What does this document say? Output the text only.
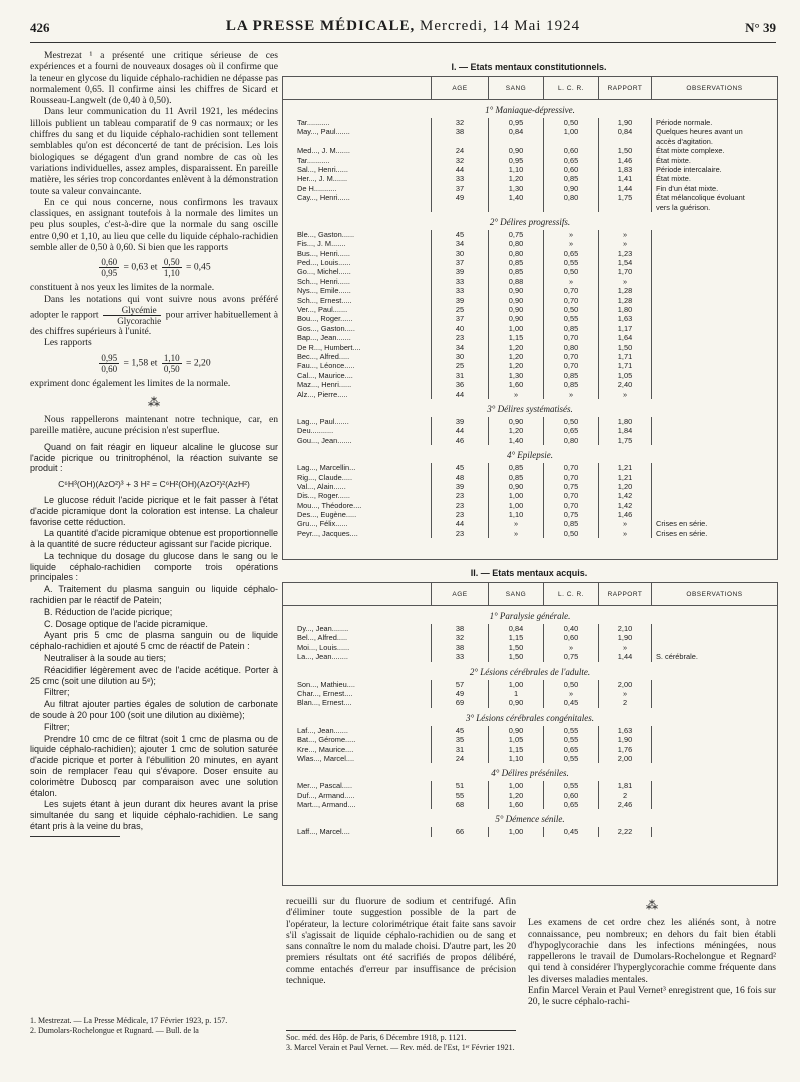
426	LA PRESSE MÉDICALE, Mercredi, 14 Mai 1924	N° 39

Mestrezat ¹ a présenté une critique sérieuse de ces expériences et a fourni de nouveaux dosages où il confirme que la teneur en glycose du liquide céphalo-rachidien ne dépasse pas normalement 0,65. Il confirme ainsi les chiffres de Sicard et Rousseau-Langwelt (de 0,40 à 0,50).

Dans leur communication du 11 Avril 1921, les médecins lillois publient un tableau comparatif de 9 cas normaux; or les chiffres du sang et du liquide céphalo-rachidien sont tellement semblables qu'on est déconcerté de tant de précision. Les lois biologiques se dégagent d'un grand nombre de cas où les variations individuelles, assez amples, disparaissent. En pareille matière, les séries trop concordantes enlèvent à la démonstration toute sa valeur convaincante.

En ce qui nous concerne, nous confirmons les travaux classiques, en assignant toutefois à la normale des limites un peu plus souples, c'est-à-dire que la normale du sang oscille entre 0,90 et 1,10, au lieu que celle du liquide céphalo-rachidien semble aller de 0,50 à 0,60. Si bien que les rapports

$\frac{0,60}{0,95} = 0,63$ et $\frac{0,50}{1,10} = 0,45$

constituent à nos yeux les limites de la normale.

Dans les notations qui vont suivre nous avons préféré adopter le rapport	Glycémie
Glycorachie
pour arriver habituellement à des chiffres supérieurs à l'unité.

Les rapports

$\frac{0,95}{0,60} = 1,58$ et $\frac{1,10}{0,50} = 2,20$

expriment donc également les limites de la normale.

⁂

Nous rappellerons maintenant notre technique, car, en pareille matière, aucune précision n'est superflue.

Quand on fait réagir en liqueur alcaline le glucose sur l'acide picrique ou trinitrophénol, la réaction suivante se produit :

C⁶H³(OH)(AzO²)³ + 3 H² = C⁶H²(OH)(AzO²)²(AzH²)

Le glucose réduit l'acide picrique et le fait passer à l'état d'acide picramique dont la coloration est intense. La chaleur favorise cette réduction.

La quantité d'acide picramique obtenue est proportionnelle à la quantité de sucre réducteur agissant sur l'acide picrique.

La technique du dosage du glucose dans le sang ou le liquide céphalo-rachidien comporte trois opérations principales :

A. Traitement du plasma sanguin ou liquide céphalo-rachidien par le réactif de Patein;

B. Réduction de l'acide picrique;

C. Dosage optique de l'acide picramique.

Ayant pris 5 cmc de plasma sanguin ou de liquide céphalo-rachidien et ajouté 5 cmc de réactif de Patein :

Neutraliser à la soude au tiers;

Réacidifier légèrement avec de l'acide acétique. Porter à 25 cmc (soit une dilution au 5ᵉ);

Filtrer;

Au filtrat ajouter parties égales de solution de carbonate de soude à 20 pour 100 (soit une dilution au dixième);

Filtrer;

Prendre 10 cmc de ce filtrat (soit 1 cmc de plasma ou de liquide céphalo-rachidien); ajouter 1 cmc de solution saturée d'acide picrique et porter à l'ébullition 20 minutes, en ayant soin de remplacer l'eau qui s'évapore. Doser ensuite au colorimètre Duboscq par comparaison avec une solution étalon.

Les sujets étant à jeun durant dix heures avant la prise simultanée du sang et liquide céphalo-rachidien. Le sang étant pris à la veine du bras,

1. Mestrezat. — La Presse Médicale, 17 Février 1923, p. 157.
2. Dumolars-Rochelongue et Rugnard. — Bull. de la
I. — Etats mentaux constitutionnels.
AGE	SANG	L. C. R.	RAPPORT	OBSERVATIONS
1° Maniaque-dépressive.
Tar...........	32	0,95	0,50	1,90	Période normale.
May..., Paul.......	38	0,84	1,00	0,84	Quelques heures avant un
accès d'agitation.
Med..., J. M.......	24	0,90	0,60	1,50	État mixte complexe.
Tar...........	32	0,95	0,65	1,46	État mixte.
Sal..., Henri......	44	1,10	0,60	1,83	Période intercalaire.
Her..., J. M.......	33	1,20	0,85	1,41	État mixte.
De H...........	37	1,30	0,90	1,44	Fin d'un état mixte.
Cay..., Henri......	49	1,40	0,80	1,75	État mélancolique évoluant
vers la guérison.
2° Délires progressifs.
Ble..., Gaston......	45	0,75	»	»
Fis..., J. M.......	34	0,80	»	»
Bus..., Henri......	30	0,80	0,65	1,23
Ped..., Louis......	37	0,85	0,55	1,54
Go..., Michel......	39	0,85	0,50	1,70
Sch..., Henri......	33	0,88	»	»
Nys..., Emile......	33	0,90	0,70	1,28
Sch..., Ernest.....	39	0,90	0,70	1,28
Ver..., Paul.......	25	0,90	0,50	1,80
Bou..., Roger......	37	0,90	0,55	1,63
Gos..., Gaston.....	40	1,00	0,85	1,17
Bap..., Jean.......	23	1,15	0,70	1,64
De R..., Humbert....	34	1,20	0,80	1,50
Bec..., Alfred.....	30	1,20	0,70	1,71
Fau..., Léonce.....	25	1,20	0,70	1,71
Cal..., Maurice....	31	1,30	0,85	1,05
Maz..., Henri......	36	1,60	0,85	2,40
Alz..., Pierre.....	44	»	»	»
3° Délires systématisés.
Lag..., Paul.......	39	0,90	0,50	1,80
Deu...........	44	1,20	0,65	1,84
Gou..., Jean.......	46	1,40	0,80	1,75
4° Epilepsie.
Lag..., Marcellin...	45	0,85	0,70	1,21
Rig..., Claude.....	48	0,85	0,70	1,21
Val..., Alain......	39	0,90	0,75	1,20
Dis..., Roger......	23	1,00	0,70	1,42
Mou..., Théodore....	23	1,00	0,70	1,42
Des..., Eugène.....	23	1,10	0,75	1,46
Gru..., Félix......	44	»	0,85	»	Crises en série.
Peyr..., Jacques....	23	»	0,50	»	Crises en série.
II. — Etats mentaux acquis.
AGE	SANG	L. C. R.	RAPPORT	OBSERVATIONS
1° Paralysie générale.
Dy..., Jean........	38	0,84	0,40	2,10
Bel..., Alfred.....	32	1,15	0,60	1,90
Moi..., Louis......	38	1,50	»	»
La..., Jean........	33	1,50	0,75	1,44	S. cérébrale.
2° Lésions cérébrales de l'adulte.
Son..., Mathieu....	57	1,00	0,50	2,00
Char..., Ernest....	49	1	»	»
Blan..., Ernest....	69	0,90	0,45	2
3° Lésions cérébrales congénitales.
Laf..., Jean.......	45	0,90	0,55	1,63
Bat..., Gérome.....	35	1,05	0,55	1,90
Kre..., Maurice....	31	1,15	0,65	1,76
Wlas..., Marcel....	24	1,10	0,55	2,00
4° Délires préséniles.
Mer..., Pascal.....	51	1,00	0,55	1,81
Duf..., Armand.....	55	1,20	0,60	2
Mart..., Armand....	68	1,60	0,65	2,46
5° Démence sénile.
Laff..., Marcel....	66	1,00	0,45	2,22

recueilli sur du fluorure de sodium et centrifugé. Afin d'éliminer toute suggestion possible de la part de l'opérateur, la lecture colorimétrique était faite sans savoir s'il s'agissait de liquide céphalo-rachidien ou de sang et sans connaître le nom du malade choisi. D'autre part, les 20 premiers résultats ont été sacrifiés de propos délibéré, comme entachés d'erreur par insuffisance de précision technique.

Soc. méd. des Hôp. de Paris, 6 Décembre 1918, p. 1121.
3. Marcel Verain et Paul Vernet. — Rev. méd. de l'Est, 1ᵉʳ Février 1921.
⁂

Les examens de cet ordre chez les aliénés sont, à notre connaissance, peu nombreux; en dehors du fait bien établi d'hypoglycorachie dans les infections méningées, nous rappellerons le travail de Dumolars-Rochelongue et Regnard² qui tend à considérer l'hyperglycorachie comme fréquente dans les diverses maladies mentales.

Enfin Marcel Verain et Paul Vernet³ enregistrent que, 16 fois sur 20, le sucre céphalo-rachi-
